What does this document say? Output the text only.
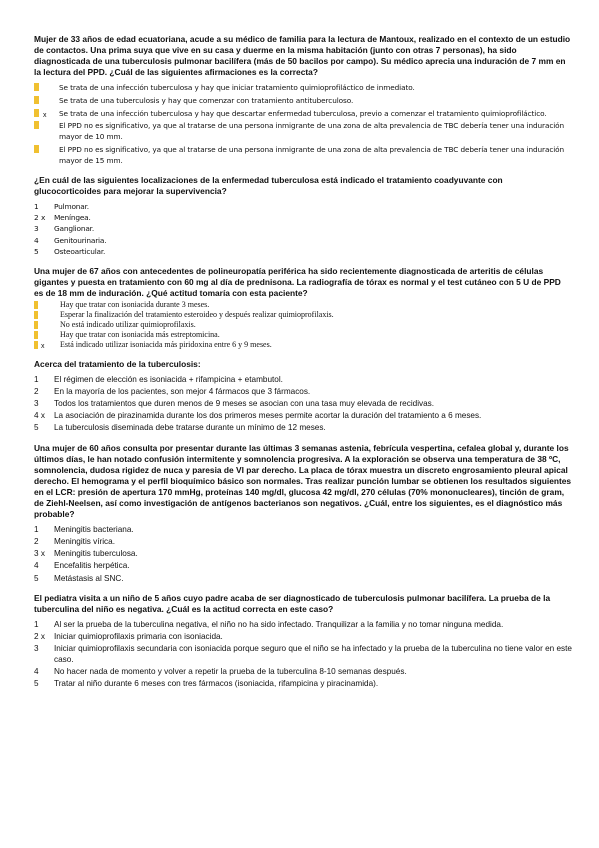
Mujer de 33 años de edad ecuatoriana, acude a su médico de familia para la lectura de Mantoux, realizado en el contexto de un estudio de contactos. Una prima suya que vive en su casa y duerme en la misma habitación (junto con otras 7 personas), ha sido diagnosticada de una tuberculosis pulmonar bacilífera (más de 50 bacilos por campo). Su médico aprecia una induración de 7 mm en la lectura del PPD. ¿Cuál de las siguientes afirmaciones es la correcta?
Se trata de una infección tuberculosa y hay que iniciar tratamiento quimioprofiláctico de inmediato.
Se trata de una tuberculosis y hay que comenzar con tratamiento antituberculoso.
x Se trata de una infección tuberculosa y hay que descartar enfermedad tuberculosa, previo a comenzar el tratamiento quimioprofiláctico.
El PPD no es significativo, ya que al tratarse de una persona inmigrante de una zona de alta prevalencia de TBC debería tener una induración mayor de 10 mm.
El PPD no es significativo, ya que al tratarse de una persona inmigrante de una zona de alta prevalencia de TBC debería tener una induración mayor de 15 mm.
¿En cuál de las siguientes localizaciones de la enfermedad tuberculosa está indicado el tratamiento coadyuvante con glucocorticoides para mejorar la supervivencia?
1	Pulmonar.
2 x	Meníngea.
3	Ganglionar.
4	Genitourinaria.
5	Osteoarticular.
Una mujer de 67 años con antecedentes de polineuropatía periférica ha sido recientemente diagnosticada de arteritis de células gigantes y puesta en tratamiento con 60 mg al día de prednisona. La radiografía de tórax es normal y el test cutáneo con 5 U de PPD es de 18 mm de induración. ¿Qué actitud tomaría con esta paciente?
Hay que tratar con isoniacida durante 3 meses.
Esperar la finalización del tratamiento esteroideo y después realizar quimioprofilaxis.
No está indicado utilizar quimioprofilaxis.
Hay que tratar con isoniacida más estreptomicina.
x Está indicado utilizar isoniacida más piridoxina entre 6 y 9 meses.
Acerca del tratamiento de la tuberculosis:
1	El régimen de elección es isoniacida + rifampicina + etambutol.
2	En la mayoría de los pacientes, son mejor 4 fármacos que 3 fármacos.
3	Todos los tratamientos que duren menos de 9 meses se asocian con una tasa muy elevada de recidivas.
4 x	La asociación de pirazinamida durante los dos primeros meses permite acortar la duración del tratamiento a 6 meses.
5	La tuberculosis diseminada debe tratarse durante un mínimo de 12 meses.
Una mujer de 60 años consulta por presentar durante las últimas 3 semanas astenia, febrícula vespertina, cefalea global y, durante los últimos días, le han notado confusión intermitente y somnolencia progresiva. A la exploración se observa una temperatura de 38 ºC, somnolencia, dudosa rigidez de nuca y paresia de VI par derecho. La placa de tórax muestra un discreto engrosamiento pleural apical derecho. El hemograma y el perfil bioquímico básico son normales. Tras realizar punción lumbar se obtienen los resultados siguientes en el LCR: presión de apertura 170 mmHg, proteínas 140 mg/dl, glucosa 42 mg/dl, 270 células (70% mononucleares), tinción de gram, de Ziehl-Neelsen, así como investigación de antígenos bacterianos son negativos. ¿Cuál, entre los siguientes, es el diagnóstico más probable?
1	Meningitis bacteriana.
2	Meningitis vírica.
3 x	Meningitis tuberculosa.
4	Encefalitis herpética.
5	Metástasis al SNC.
El pediatra visita a un niño de 5 años cuyo padre acaba de ser diagnosticado de tuberculosis pulmonar bacilífera. La prueba de la tuberculina del niño es negativa. ¿Cuál es la actitud correcta en este caso?
1	Al ser la prueba de la tuberculina negativa, el niño no ha sido infectado. Tranquilizar a la familia y no tomar ninguna medida.
2 x	Iniciar quimioprofilaxis primaria con isoniacida.
3	Iniciar quimioprofilaxis secundaria con isoniacida porque seguro que el niño se ha infectado y la prueba de la tuberculina no tiene valor en este caso.
4	No hacer nada de momento y volver a repetir la prueba de la tuberculina 8-10 semanas después.
5	Tratar al niño durante 6 meses con tres fármacos (isoniacida, rifampicina y piracinamida).
